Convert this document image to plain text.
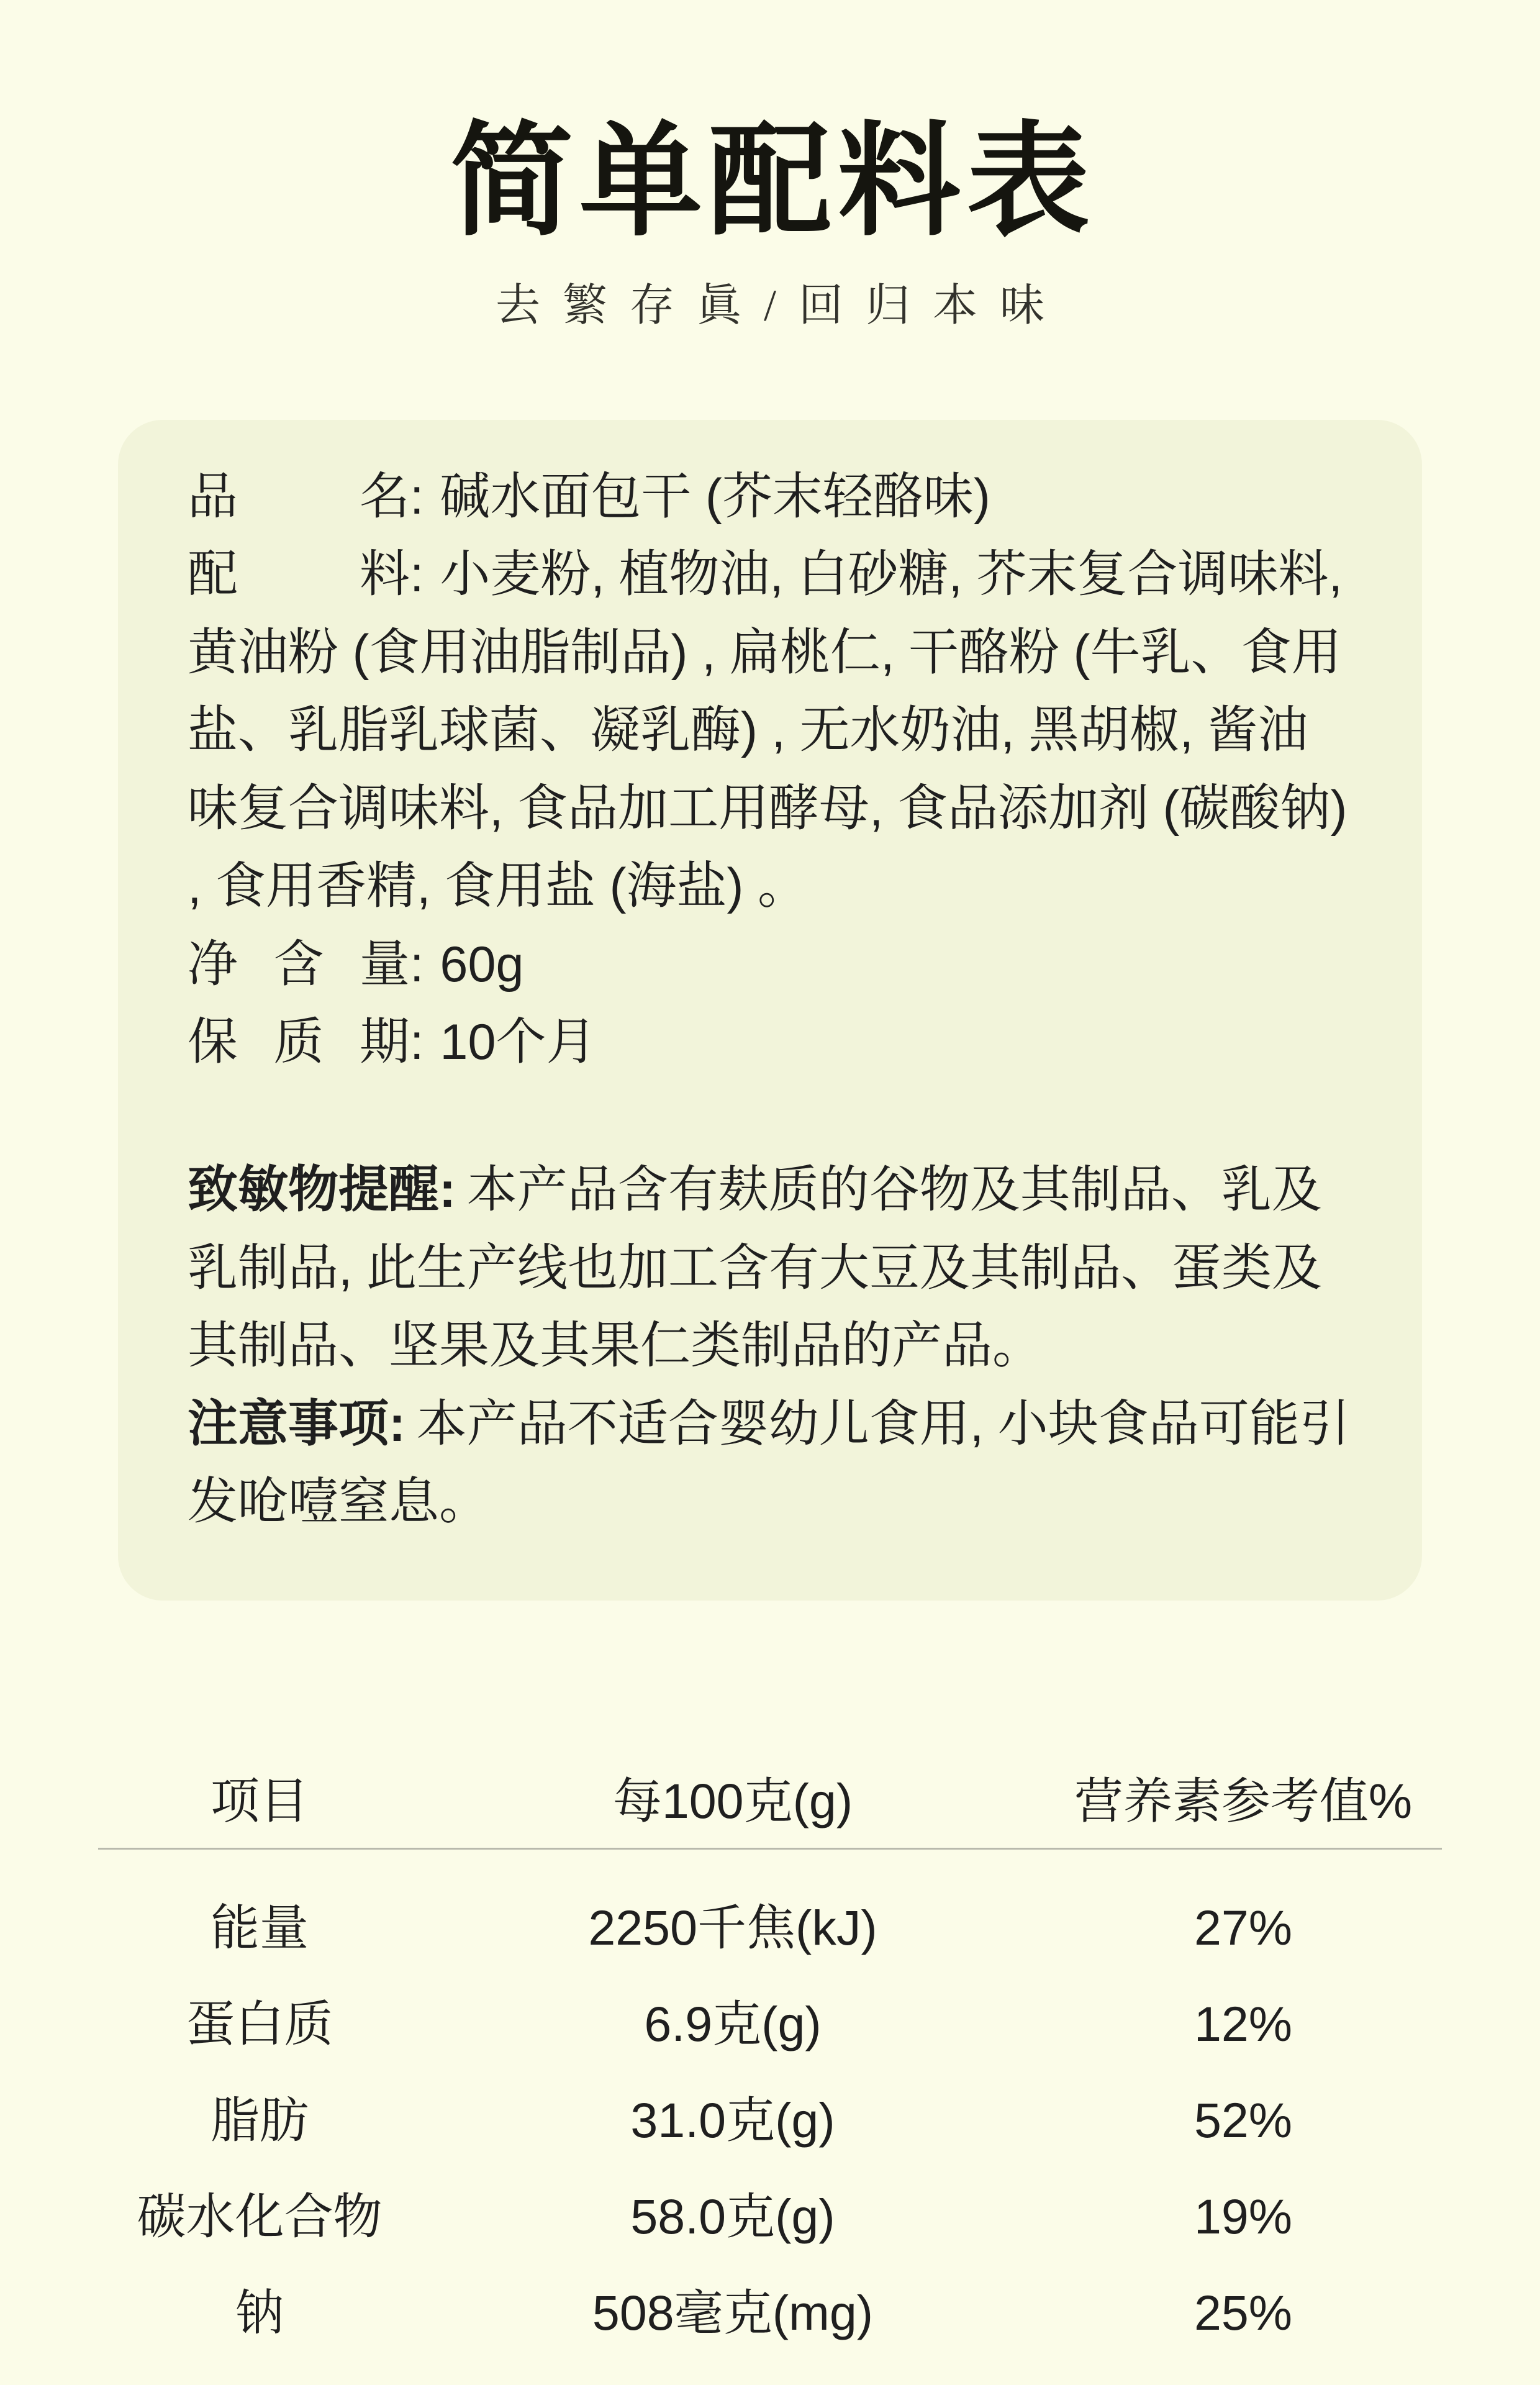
简单配料表

去繁存眞/回归本味

品名: 碱水面包干 (芥末轻酪味)

配料: 小麦粉, 植物油, 白砂糖, 芥末复合调味料, 黄油粉 (食用油脂制品) , 扁桃仁, 干酪粉 (牛乳、食用盐、乳脂乳球菌、凝乳酶) , 无水奶油, 黑胡椒, 酱油味复合调味料, 食品加工用酵母, 食品添加剂 (碳酸钠) , 食用香精, 食用盐 (海盐) 。

净含量: 60g

保质期: 10个月

致敏物提醒: 本产品含有麸质的谷物及其制品、乳及乳制品, 此生产线也加工含有大豆及其制品、蛋类及其制品、坚果及其果仁类制品的产品。

注意事项: 本产品不适合婴幼儿食用, 小块食品可能引发呛噎窒息。

项目	每100克(g)	营养素参考值%
能量	2250千焦(kJ)	27%
蛋白质	6.9克(g)	12%
脂肪	31.0克(g)	52%
碳水化合物	58.0克(g)	19%
钠	508毫克(mg)	25%
